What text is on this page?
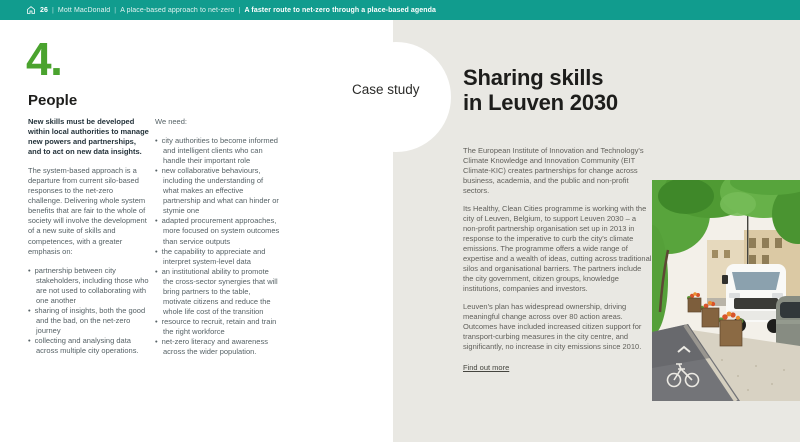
26 | Mott MacDonald | A place-based approach to net-zero | A faster route to net-zero through a place-based agenda
4.
People

New skills must be developed within local authorities to manage new powers and partnerships, and to act on new data insights.

The system-based approach is a departure from current silo-based responses to the net-zero challenge. Delivering whole system benefits that are fair to the whole of society will involve the development of a new suite of skills and competences, with a greater emphasis on:

• partnership between city stakeholders, including those who are not used to collaborating with one another
• sharing of insights, both the good and the bad, on the net-zero journey
• collecting and analysing data across multiple city operations.

We need:

• city authorities to become informed and intelligent clients who can handle their important role
• new collaborative behaviours, including the understanding of what makes an effective partnership and what can hinder or stymie one
• adapted procurement approaches, more focused on system outcomes than service outputs
• the capability to appreciate and interpret system-level data
• an institutional ability to promote the cross-sector synergies that will bring partners to the table, motivate citizens and reduce the whole life cost of the transition
• resource to recruit, retain and train the right workforce
• net-zero literacy and awareness across the wider population.
Case study Sharing skills
in Leuven 2030

The European Institute of Innovation and Technology's Climate Knowledge and Innovation Community (EIT Climate-KIC) creates partnerships for change across business, academia, and the public and non-profit sectors.

Its Healthy, Clean Cities programme is working with the city of Leuven, Belgium, to support Leuven 2030 – a non-profit partnership organisation set up in 2013 in response to the imperative to curb the city's climate emissions. The programme offers a wide range of expertise and a wealth of ideas, cutting across traditional silos and organisational barriers. The partners include the city government, citizen groups, knowledge institutions, companies and investors.

Leuven's plan has widespread ownership, driving meaningful change across over 80 action areas. Outcomes have included increased citizen support for transport-curbing measures in the city centre, and significantly, no increase in city emissions since 2010.

Find out more
